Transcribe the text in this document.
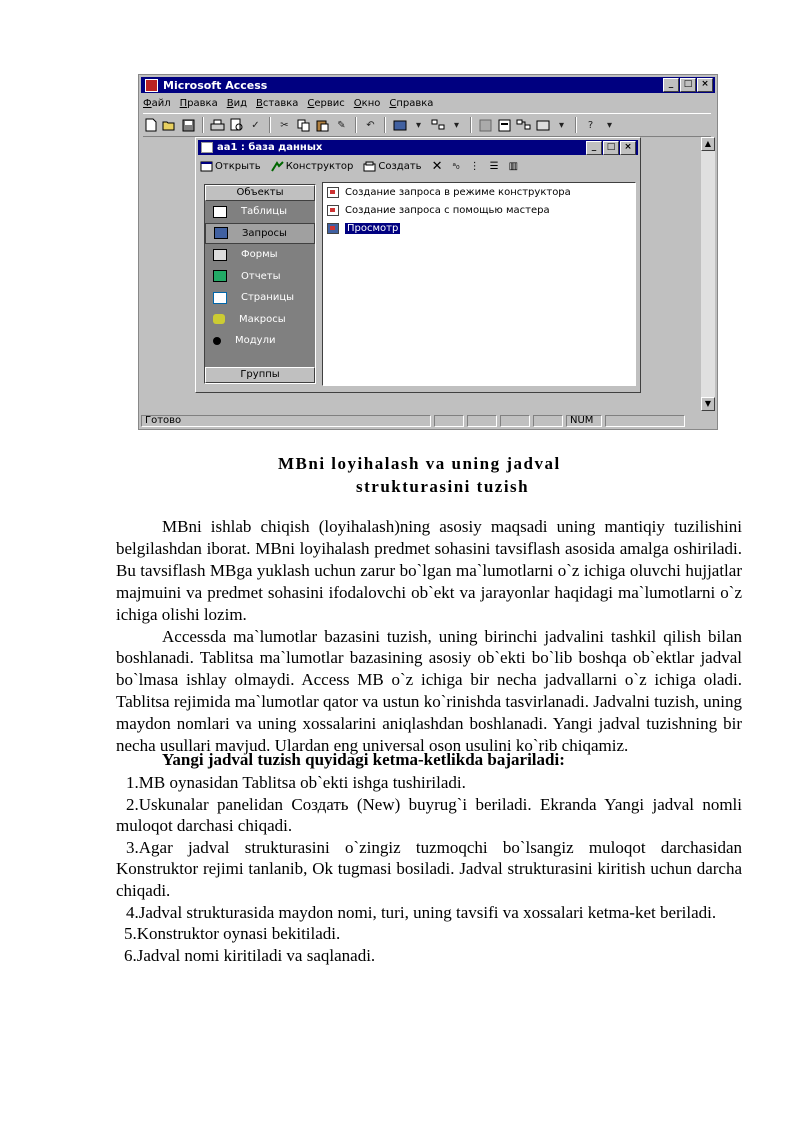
Microsoft Access	_	□ ×
Файл Правка Вид Вставка Сервис Окно Справка
✓	✂	✎	↶	▾	▾	▾	?	▾
▲
▼
aa1 : база данных	_	□ ×
Открыть	Конструктор	Создать ✕ ᵃ₀ ⋮ ☰ ▥
Объекты
Таблицы
Запросы
Формы
Отчеты
Страницы
Макросы
Модули
Группы
Создание запроса в режиме конструктора
Создание запроса с помощью мастера
Просмотр
Готово	NUM
MBni loyihalash va uning jadval
strukturasini tuzish

MBni ishlab chiqish (loyihalash)ning asosiy maqsadi uning mantiqiy tuzilishini belgilashdan iborat. MBni loyihalash predmet sohasini tavsiflash asosida amalga oshiriladi. Bu tavsiflash MBga yuklash uchun zarur bo`lgan ma`lumotlarni o`z ichiga oluvchi hujjatlar majmuini va predmet sohasini ifodalovchi ob`ekt va jarayonlar haqidagi ma`lumotlarni o`z ichiga olishi lozim.

Accessda ma`lumotlar bazasini tuzish, uning birinchi jadvalini tashkil qilish bilan boshlanadi. Tablitsa ma`lumotlar bazasining asosiy ob`ekti bo`lib boshqa ob`ektlar jadval bo`lmasa ishlay olmaydi. Access MB o`z ichiga bir necha jadvallarni o`z ichiga oladi. Tablitsa rejimida ma`lumotlar qator va ustun ko`rinishda tasvirlanadi. Jadvalni tuzish, uning maydon nomlari va uning xossalarini aniqlashdan boshlanadi. Yangi jadval tuzishning bir necha usullari mavjud. Ulardan eng universal oson usulini ko`rib chiqamiz.

Yangi jadval tuzish quyidagi ketma-ketlikda bajariladi:

1.MB oynasidan Tablitsa ob`ekti ishga tushiriladi.

2.Uskunalar panelidan Создать (New) buyrug`i beriladi. Ekranda Yangi jadval nomli muloqot darchasi chiqadi.

3.Agar jadval strukturasini o`zingiz tuzmoqchi bo`lsangiz muloqot darchasidan Konstruktor rejimi tanlanib, Ok tugmasi bosiladi. Jadval strukturasini kiritish uchun darcha chiqadi.

4.Jadval strukturasida maydon nomi, turi, uning tavsifi va xossalari ketma-ket beriladi.

5.Konstruktor oynasi bekitiladi.

6.Jadval nomi kiritiladi va saqlanadi.
